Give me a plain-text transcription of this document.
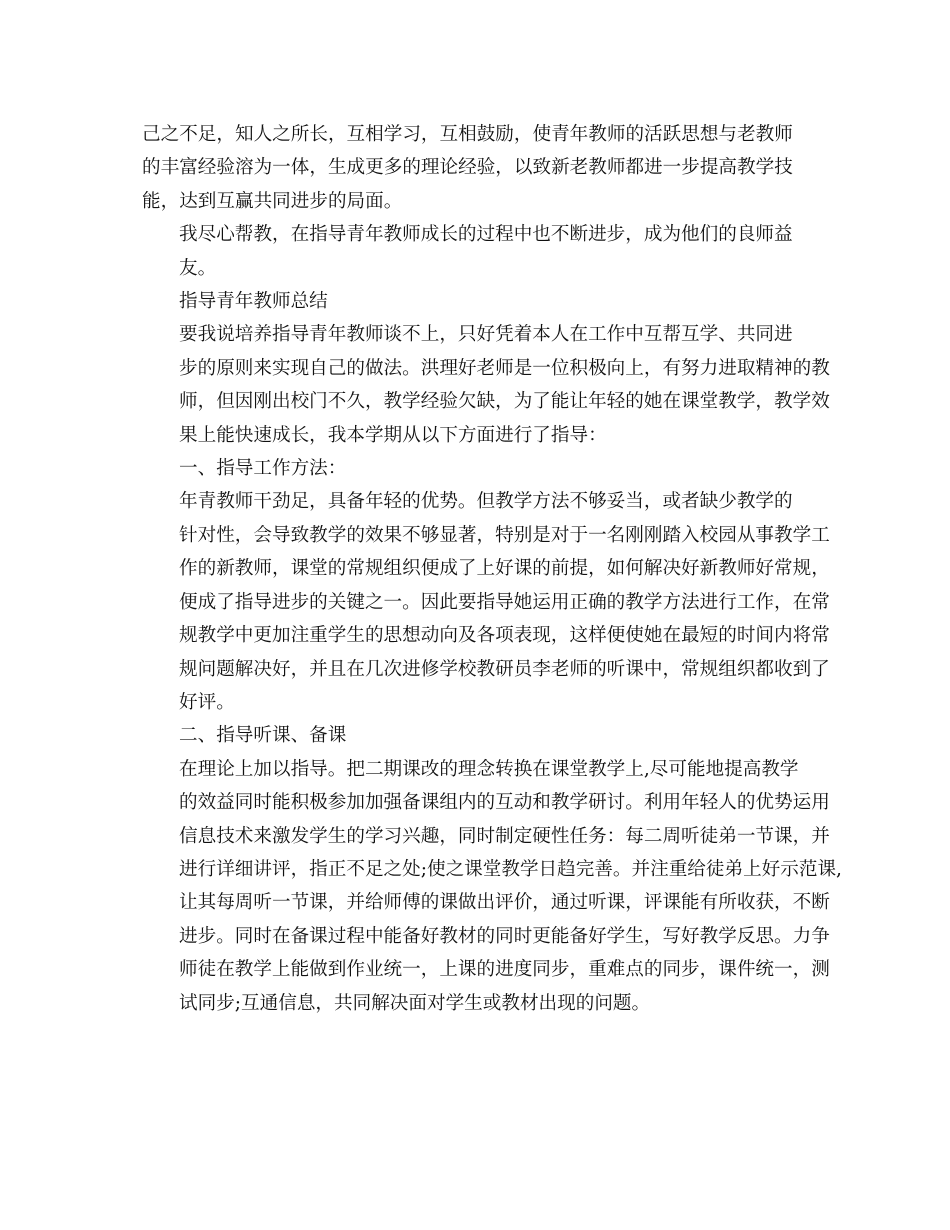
己之不足，知人之所长，互相学习，互相鼓励，使青年教师的活跃思想与老教师
的丰富经验溶为一体，生成更多的理论经验，以致新老教师都进一步提高教学技
能，达到互赢共同进步的局面。

我尽心帮教，在指导青年教师成长的过程中也不断进步，成为他们的良师益
友。

指导青年教师总结

要我说培养指导青年教师谈不上，只好凭着本人在工作中互帮互学、共同进
步的原则来实现自己的做法。洪理好老师是一位积极向上，有努力进取精神的教
师，但因刚出校门不久，教学经验欠缺，为了能让年轻的她在课堂教学，教学效
果上能快速成长，我本学期从以下方面进行了指导：

一、指导工作方法：

年青教师干劲足，具备年轻的优势。但教学方法不够妥当，或者缺少教学的
针对性，会导致教学的效果不够显著，特别是对于一名刚刚踏入校园从事教学工
作的新教师，课堂的常规组织便成了上好课的前提，如何解决好新教师好常规，
便成了指导进步的关键之一。因此要指导她运用正确的教学方法进行工作，在常
规教学中更加注重学生的思想动向及各项表现，这样便使她在最短的时间内将常
规问题解决好，并且在几次进修学校教研员李老师的听课中，常规组织都收到了
好评。

二、指导听课、备课

在理论上加以指导。把二期课改的理念转换在课堂教学上,尽可能地提高教学
的效益同时能积极参加加强备课组内的互动和教学研讨。利用年轻人的优势运用
信息技术来激发学生的学习兴趣，同时制定硬性任务：每二周听徒弟一节课，并
进行详细讲评，指正不足之处;使之课堂教学日趋完善。并注重给徒弟上好示范课,
让其每周听一节课，并给师傅的课做出评价，通过听课，评课能有所收获，不断
进步。同时在备课过程中能备好教材的同时更能备好学生，写好教学反思。力争
师徒在教学上能做到作业统一，上课的进度同步，重难点的同步，课件统一，测
试同步;互通信息，共同解决面对学生或教材出现的问题。
